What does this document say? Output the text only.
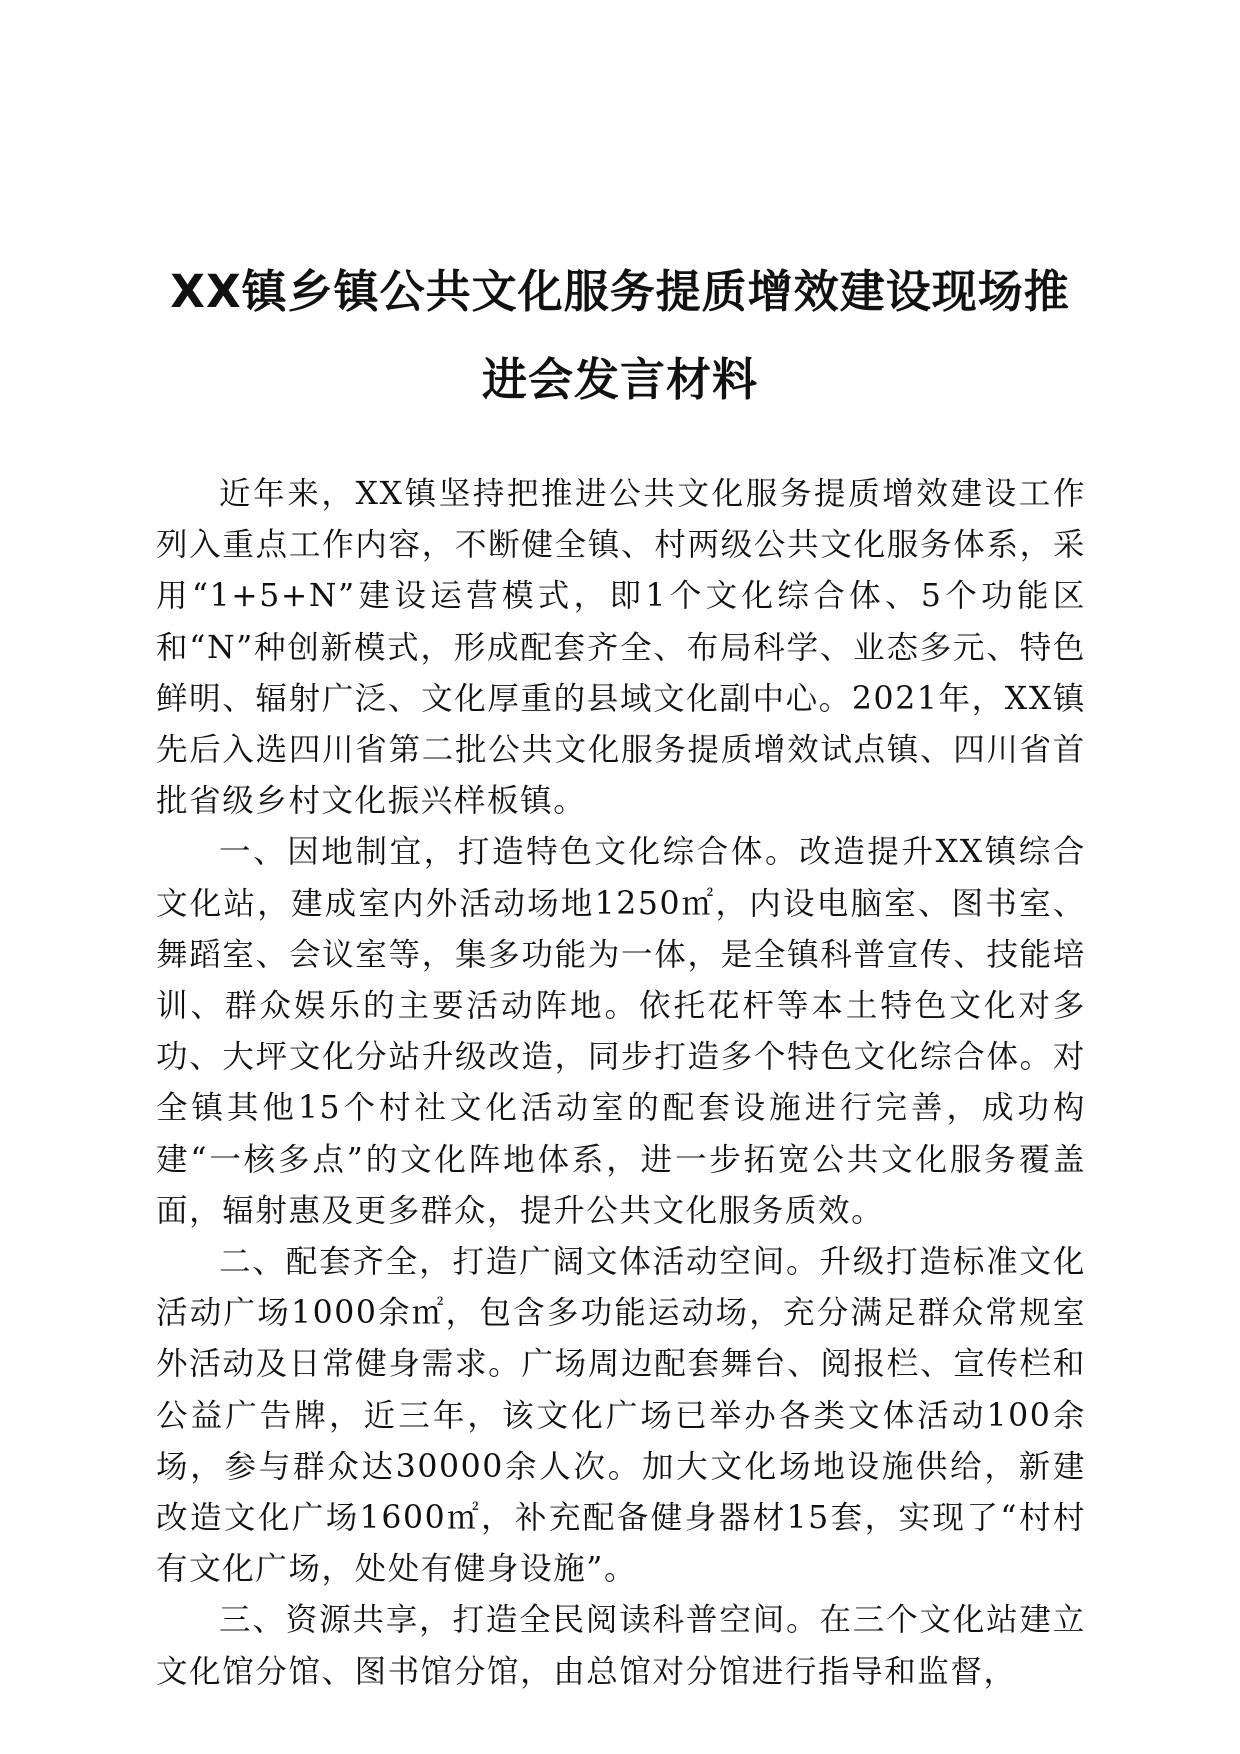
XX镇乡镇公共文化服务提质增效建设现场推
进会发言材料

近年来，XX镇坚持把推进公共文化服务提质增效建设工作列入重点工作内容，不断健全镇、村两级公共文化服务体系，采用“1+5+N”建设运营模式，即1个文化综合体、5个功能区和“N”种创新模式，形成配套齐全、布局科学、业态多元、特色鲜明、辐射广泛、文化厚重的县域文化副中心。2021年，XX镇先后入选四川省第二批公共文化服务提质增效试点镇、四川省首批省级乡村文化振兴样板镇。

一、因地制宜，打造特色文化综合体。改造提升XX镇综合文化站，建成室内外活动场地1250㎡，内设电脑室、图书室、舞蹈室、会议室等，集多功能为一体，是全镇科普宣传、技能培训、群众娱乐的主要活动阵地。依托花杆等本土特色文化对多功、大坪文化分站升级改造，同步打造多个特色文化综合体。对全镇其他15个村社文化活动室的配套设施进行完善，成功构建“一核多点”的文化阵地体系，进一步拓宽公共文化服务覆盖面，辐射惠及更多群众，提升公共文化服务质效。

二、配套齐全，打造广阔文体活动空间。升级打造标准文化活动广场1000余㎡，包含多功能运动场，充分满足群众常规室外活动及日常健身需求。广场周边配套舞台、阅报栏、宣传栏和公益广告牌，近三年，该文化广场已举办各类文体活动100余场，参与群众达30000余人次。加大文化场地设施供给，新建改造文化广场1600㎡，补充配备健身器材15套，实现了“村村有文化广场，处处有健身设施”。

三、资源共享，打造全民阅读科普空间。在三个文化站建立文化馆分馆、图书馆分馆，由总馆对分馆进行指导和监督，
